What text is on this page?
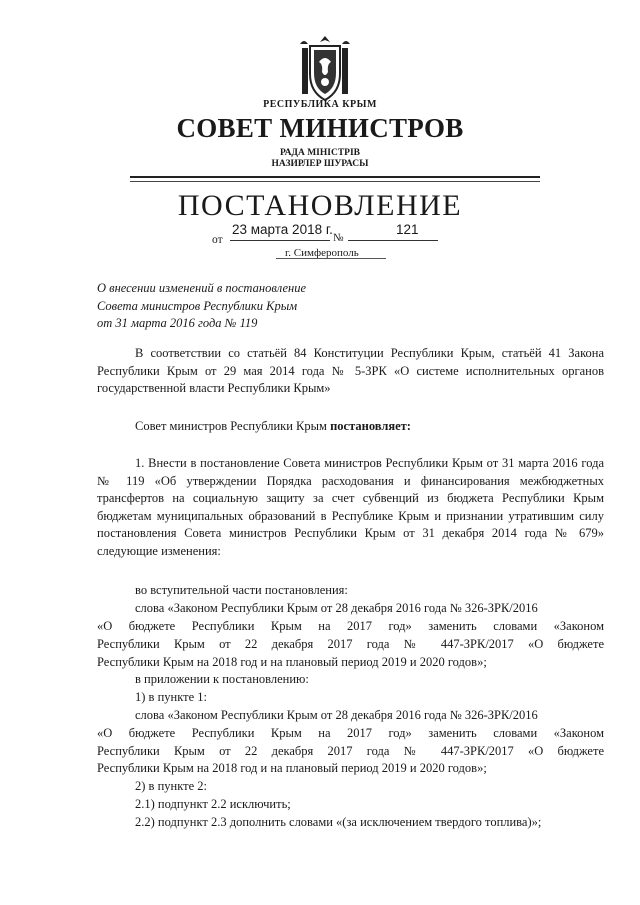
РЕСПУБЛИКА КРЫМ
СОВЕТ МИНИСТРОВ
РАДА МІНІСТРІВ
НАЗИРЛЕР ШУРАСЫ
ПОСТАНОВЛЕНИЕ
от
23 марта 2018 г.
№
121
г. Симферополь
О внесении изменений в постановление
Совета министров Республики Крым
от 31 марта 2016 года № 119
В соответствии со статьёй 84 Конституции Республики Крым, статьёй 41 Закона Республики Крым от 29 мая 2014 года № 5-ЗРК «О системе исполнительных органов государственной власти Республики Крым»
Совет министров Республики Крым постановляет:
1. Внести в постановление Совета министров Республики Крым от 31 марта 2016 года № 119 «Об утверждении Порядка расходования и финансирования межбюджетных трансфертов на социальную защиту за счет субвенций из бюджета Республики Крым бюджетам муниципальных образований в Республике Крым и признании утратившим силу постановления Совета министров Республики Крым от 31 декабря 2014 года № 679» следующие изменения:
во вступительной части постановления:
слова «Законом Республики Крым от 28 декабря 2016 года № 326-ЗРК/2016
«О бюджете Республики Крым на 2017 год» заменить словами «Законом
Республики Крым от 22 декабря 2017 года № 447-ЗРК/2017 «О бюджете
Республики Крым на 2018 год и на плановый период 2019 и 2020 годов»;
в приложении к постановлению:
1) в пункте 1:
слова «Законом Республики Крым от 28 декабря 2016 года № 326-ЗРК/2016
«О бюджете Республики Крым на 2017 год» заменить словами «Законом
Республики Крым от 22 декабря 2017 года № 447-ЗРК/2017 «О бюджете
Республики Крым на 2018 год и на плановый период 2019 и 2020 годов»;
2) в пункте 2:
2.1) подпункт 2.2 исключить;
2.2) подпункт 2.3 дополнить словами «(за исключением твердого топлива)»;
